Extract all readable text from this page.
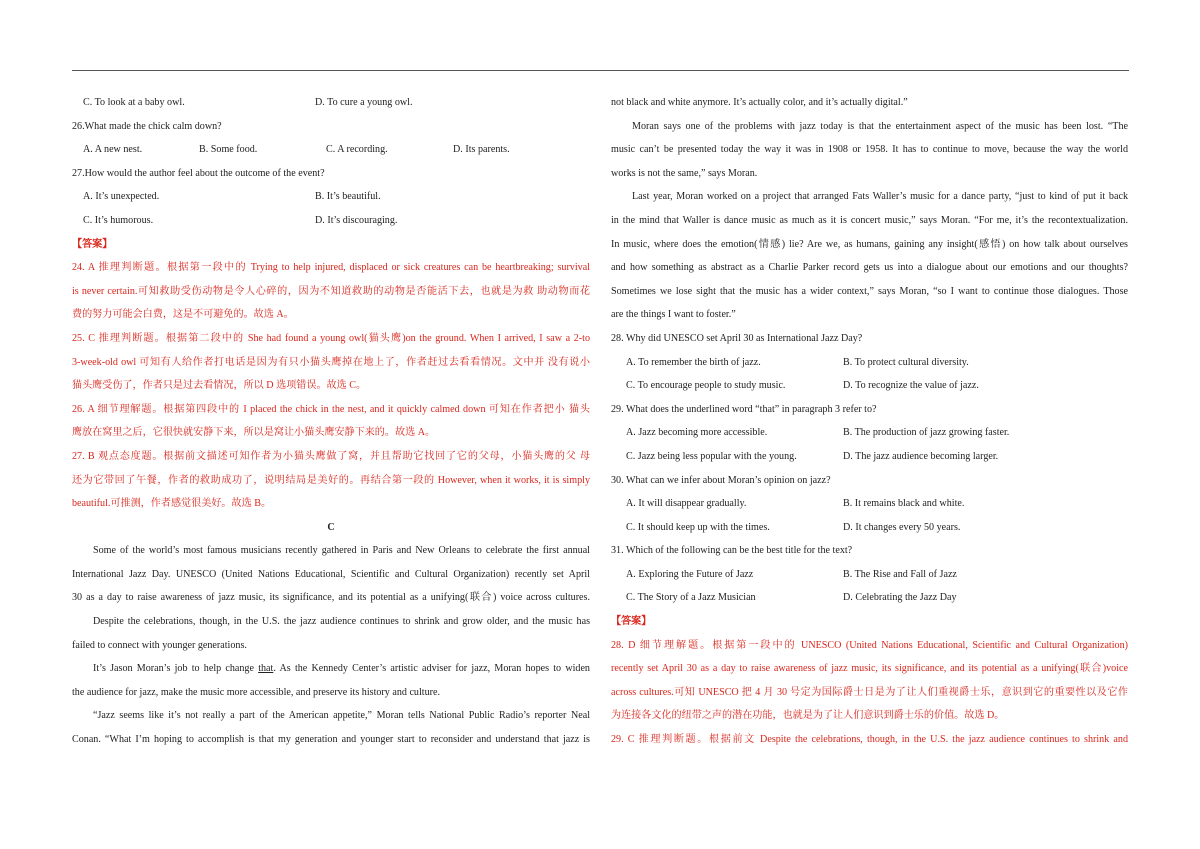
C. To look at a baby owl.	D. To cure a young owl.
26.What made the chick calm down?
A. A new nest.	B. Some food.	C. A recording.	D. Its parents.
27.How would the author feel about the outcome of the event?
A. It’s unexpected.	B. It’s beautiful.
C. It’s humorous.	D. It’s discouraging.
【答案】
24. A 推理判断题。根据第一段中的 Trying to help injured, displaced or sick creatures can be heartbreaking; survival
is never certain.可知救助受伤动物是令人心碎的，因为不知道救助的动物是否能活下去，也就是为救 助动物而花
费的努力可能会白费，这是不可避免的。故选 A。
25. C 推理判断题。根据第二段中的 She had found a young owl(猫头鹰)on the ground. When I arrived, I saw a 2-to
3-week-old owl 可知有人给作者打电话是因为有只小猫头鹰掉在地上了，作者赶过去看看情况。文中并 没有说小
猫头鹰受伤了，作者只是过去看情况，所以 D 选项错误。故选 C。
26. A 细节理解题。根据第四段中的 I placed the chick in the nest, and it quickly calmed down 可知在作者把小 猫头
鹰放在窝里之后，它很快就安静下来，所以是窝让小猫头鹰安静下来的。故选 A。
27. B 观点态度题。根据前文描述可知作者为小猫头鹰做了窝，并且帮助它找回了它的父母，小猫头鹰的父 母
还为它带回了午餐，作者的救助成功了，说明结局是美好的。再结合第一段的 However, when it works, it is simply
beautiful.可推测，作者感觉很美好。故选 B。
C
Some of the world’s most famous musicians recently gathered in Paris and New Orleans to celebrate the first annual
International Jazz Day. UNESCO (United Nations Educational, Scientific and Cultural Organization) recently set April
30 as a day to raise awareness of jazz music, its significance, and its potential as a unifying(联合) voice across cultures.
Despite the celebrations, though, in the U.S. the jazz audience continues to shrink and grow older, and the music has
failed to connect with younger generations.
It’s Jason Moran’s job to help change that. As the Kennedy Center’s artistic adviser for jazz, Moran hopes to widen
the audience for jazz, make the music more accessible, and preserve its history and culture.
“Jazz seems like it’s not really a part of the American appetite,” Moran tells National Public Radio’s reporter Neal
Conan. “What I’m hoping to accomplish is that my generation and younger start to reconsider and understand that jazz is
not black and white anymore. It’s actually color, and it’s actually digital.”
Moran says one of the problems with jazz today is that the entertainment aspect of the music has been lost. “The
music can’t be presented today the way it was in 1908 or 1958. It has to continue to move, because the way the world
works is not the same,” says Moran.
Last year, Moran worked on a project that arranged Fats Waller’s music for a dance party, “just to kind of put it back
in the mind that Waller is dance music as much as it is concert music,” says Moran. “For me, it’s the recontextualization.
In music, where does the emotion(情感) lie? Are we, as humans, gaining any insight(感悟) on how talk about ourselves
and how something as abstract as a Charlie Parker record gets us into a dialogue about our emotions and our thoughts?
Sometimes we lose sight that the music has a wider context,” says Moran, “so I want to continue those dialogues. Those
are the things I want to foster.”
28. Why did UNESCO set April 30 as International Jazz Day?
A. To remember the birth of jazz.	B. To protect cultural diversity.
C. To encourage people to study music.	D. To recognize the value of jazz.
29. What does the underlined word “that” in paragraph 3 refer to?
A. Jazz becoming more accessible.	B. The production of jazz growing faster.
C. Jazz being less popular with the young.	D. The jazz audience becoming larger.
30. What can we infer about Moran’s opinion on jazz?
A. It will disappear gradually.	B. It remains black and white.
C. It should keep up with the times.	D. It changes every 50 years.
31. Which of the following can be the best title for the text?
A. Exploring the Future of Jazz	B. The Rise and Fall of Jazz
C. The Story of a Jazz Musician	D. Celebrating the Jazz Day
【答案】
28. D 细节理解题。根据第一段中的 UNESCO (United Nations Educational, Scientific and Cultural Organization)
recently set April 30 as a day to raise awareness of jazz music, its significance, and its potential as a unifying(联合)voice
across cultures.可知 UNESCO 把 4 月 30 号定为国际爵士日是为了让人们重视爵士乐，意识到它的重要性以及它作
为连接各文化的纽带之声的潜在功能，也就是为了让人们意识到爵士乐的价值。故选 D。
29. C 推理判断题。根据前文 Despite the celebrations, though, in the U.S. the jazz audience continues to shrink and
